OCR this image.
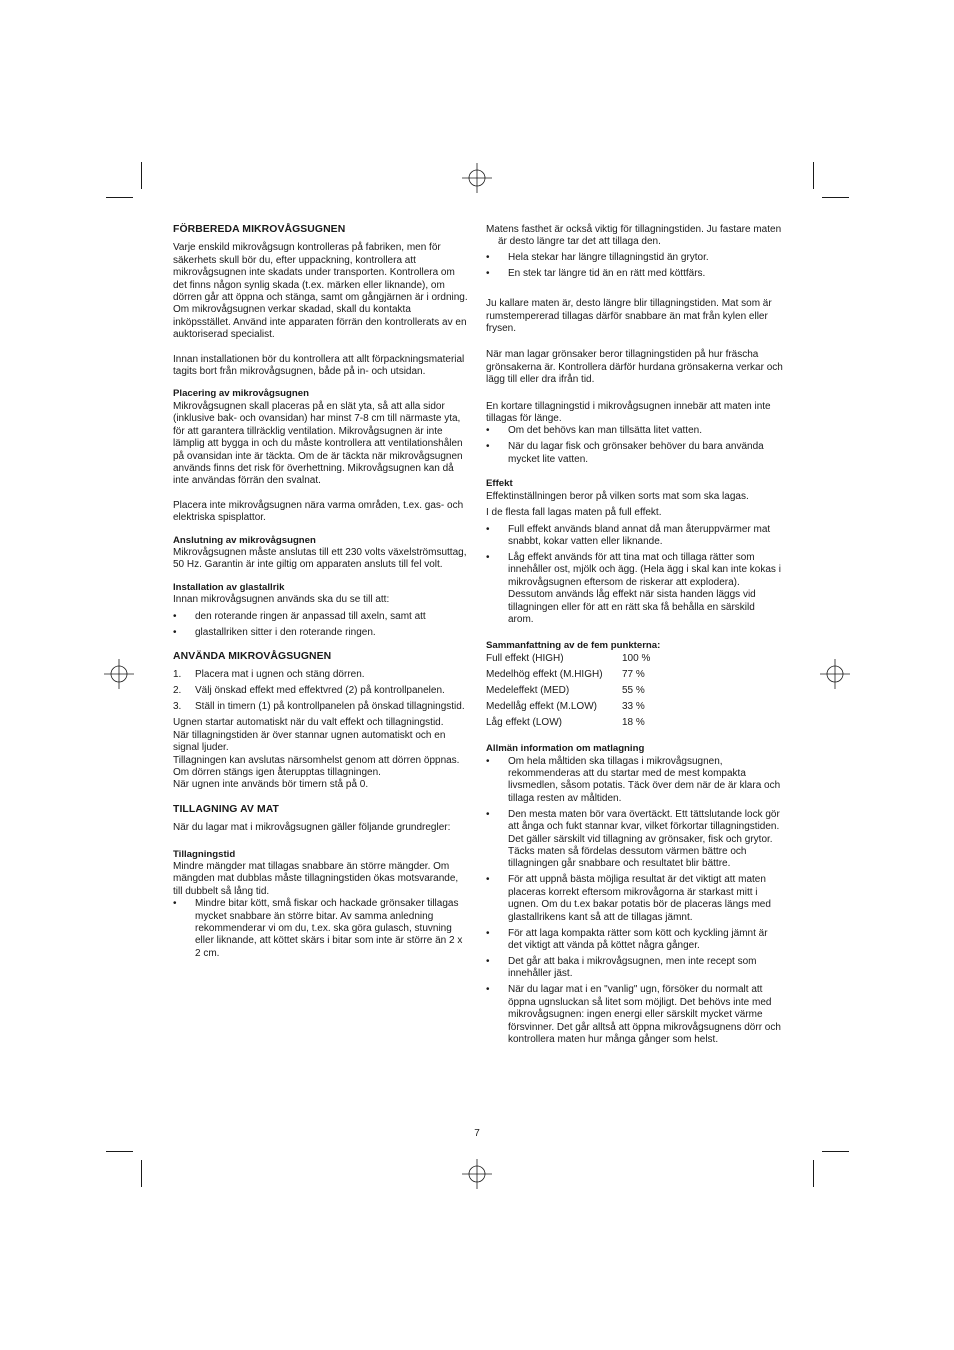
FÖRBEREDA MIKROVÅGSUGNEN

Varje enskild mikrovågsugn kontrolleras på fabriken, men för säkerhets skull bör du, efter uppackning, kontrollera att mikrovågsugnen inte skadats under transporten. Kontrollera om det finns någon synlig skada (t.ex. märken eller liknande), om dörren går att öppna och stänga, samt om gångjärnen är i ordning. Om mikrovågsugnen verkar skadad, skall du kontakta inköpsstället. Använd inte apparaten förrän den kontrollerats av en auktoriserad specialist.

Innan installationen bör du kontrollera att allt förpackningsmaterial tagits bort från mikrovågsugnen, både på in- och utsidan.

Placering av mikrovågsugnen

Mikrovågsugnen skall placeras på en slät yta, så att alla sidor (inklusive bak- och ovansidan) har minst 7-8 cm till närmaste yta, för att garantera tillräcklig ventilation. Mikrovågsugnen är inte lämplig att bygga in och du måste kontrollera att ventilationshålen på ovansidan inte är täckta. Om de är täckta när mikrovågsugnen används finns det risk för överhettning. Mikrovågsugnen kan då inte användas förrän den svalnat.

Placera inte mikrovågsugnen nära varma områden, t.ex. gas- och elektriska spisplattor.

Anslutning av mikrovågsugnen

Mikrovågsugnen måste anslutas till ett 230 volts växelströmsuttag, 50 Hz. Garantin är inte giltig om apparaten ansluts till fel volt.

Installation av glastallrik

Innan mikrovågsugnen används ska du se till att:

• den roterande ringen är anpassad till axeln, samt att
• glastallriken sitter i den roterande ringen.
ANVÄNDA MIKROVÅGSUGNEN
1. Placera mat i ugnen och stäng dörren.
2. Välj önskad effekt med effektvred (2) på kontrollpanelen.
3. Ställ in timern (1) på kontrollpanelen på önskad tillagningstid.

Ugnen startar automatiskt när du valt effekt och tillagningstid.

När tillagningstiden är över stannar ugnen automatiskt och en signal ljuder.

Tillagningen kan avslutas närsomhelst genom att dörren öppnas.

Om dörren stängs igen återupptas tillagningen.

När ugnen inte används bör timern stå på 0.

TILLAGNING AV MAT

När du lagar mat i mikrovågsugnen gäller följande grundregler:

Tillagningstid

Mindre mängder mat tillagas snabbare än större mängder. Om mängden mat dubblas måste tillagningstiden ökas motsvarande, till dubbelt så lång tid.

• Mindre bitar kött, små fiskar och hackade grönsaker tillagas mycket snabbare än större bitar. Av samma anledning rekommenderar vi om du, t.ex. ska göra gulasch, stuvning eller liknande, att köttet skärs i bitar som inte är större än 2 x 2 cm.

Matens fasthet är också viktig för tillagningstiden. Ju fastare maten är desto längre tar det att tillaga den.

• Hela stekar har längre tillagningstid än grytor.
• En stek tar längre tid än en rätt med köttfärs.

Ju kallare maten är, desto längre blir tillagningstiden. Mat som är rumstempererad tillagas därför snabbare än mat från kylen eller frysen.

När man lagar grönsaker beror tillagningstiden på hur fräscha grönsakerna är. Kontrollera därför hurdana grönsakerna verkar och lägg till eller dra ifrån tid.

En kortare tillagningstid i mikrovågsugnen innebär att maten inte tillagas för länge.

• Om det behövs kan man tillsätta litet vatten.
• När du lagar fisk och grönsaker behöver du bara använda mycket lite vatten.
Effekt

Effektinställningen beror på vilken sorts mat som ska lagas.

I de flesta fall lagas maten på full effekt.

• Full effekt används bland annat då man återuppvärmer mat snabbt, kokar vatten eller liknande.
• Låg effekt används för att tina mat och tillaga rätter som innehåller ost, mjölk och ägg. (Hela ägg i skal kan inte kokas i mikrovågsugnen eftersom de riskerar att explodera). Dessutom används låg effekt när sista handen läggs vid tillagningen eller för att en rätt ska få behålla en särskild arom.
Sammanfattning av de fem punkterna:
Full effekt (HIGH)	100 %
Medelhög effekt (M.HIGH)	77 %
Medeleffekt (MED)	55 %
Medellåg effekt (M.LOW)	33 %
Låg effekt (LOW)	18 %
Allmän information om matlagning
• Om hela måltiden ska tillagas i mikrovågsugnen, rekommenderas att du startar med de mest kompakta livsmedlen, såsom potatis. Täck över dem när de är klara och tillaga resten av måltiden.
• Den mesta maten bör vara övertäckt. Ett tättslutande lock gör att ånga och fukt stannar kvar, vilket förkortar tillagningstiden. Det gäller särskilt vid tillagning av grönsaker, fisk och grytor. Täcks maten så fördelas dessutom värmen bättre och tillagningen går snabbare och resultatet blir bättre.
• För att uppnå bästa möjliga resultat är det viktigt att maten placeras korrekt eftersom mikrovågorna är starkast mitt i ugnen. Om du t.ex bakar potatis bör de placeras längs med glastallrikens kant så att de tillagas jämnt.
• För att laga kompakta rätter som kött och kyckling jämnt är det viktigt att vända på köttet några gånger.
• Det går att baka i mikrovågsugnen, men inte recept som innehåller jäst.
• När du lagar mat i en "vanlig" ugn, försöker du normalt att öppna ugnsluckan så litet som möjligt. Det behövs inte med mikrovågsugnen: ingen energi eller särskilt mycket värme försvinner. Det går alltså att öppna mikrovågsugnens dörr och kontrollera maten hur många gånger som helst.
7
